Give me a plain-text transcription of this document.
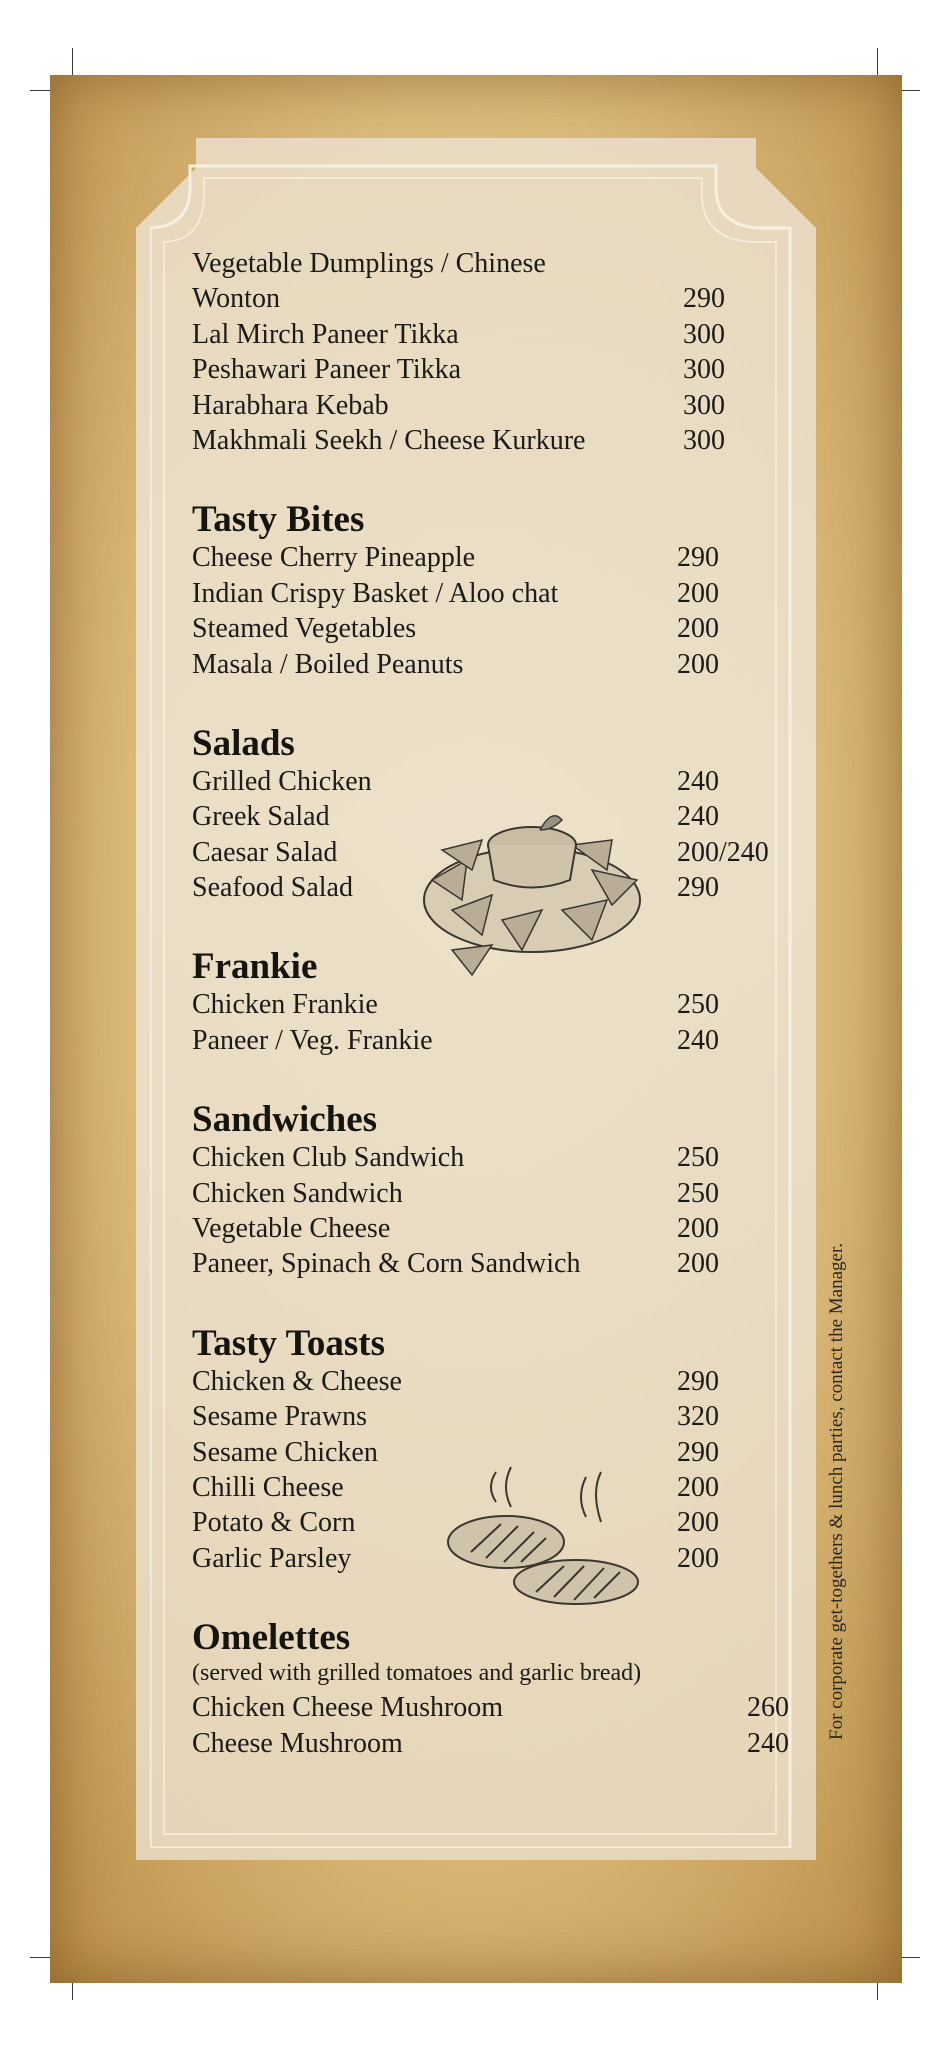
Vegetable Dumplings / Chinese
Wonton	290
Lal Mirch Paneer Tikka	300
Peshawari Paneer Tikka	300
Harabhara Kebab	300
Makhmali Seekh / Cheese Kurkure	300
Tasty Bites
Cheese Cherry Pineapple	290
Indian Crispy Basket / Aloo chat	200
Steamed Vegetables	200
Masala / Boiled Peanuts	200
Salads
Grilled Chicken	240
Greek Salad	240
Caesar Salad	200/240
Seafood Salad	290
Frankie
Chicken Frankie	250
Paneer / Veg. Frankie	240
Sandwiches
Chicken Club Sandwich	250
Chicken Sandwich	250
Vegetable Cheese	200
Paneer, Spinach & Corn Sandwich	200
Tasty Toasts
Chicken & Cheese	290
Sesame Prawns	320
Sesame Chicken	290
Chilli Cheese	200
Potato & Corn	200
Garlic Parsley	200
Omelettes
(served with grilled tomatoes and garlic bread)
Chicken Cheese Mushroom	260
Cheese Mushroom	240
For corporate get-togethers & lunch parties, contact the Manager.
